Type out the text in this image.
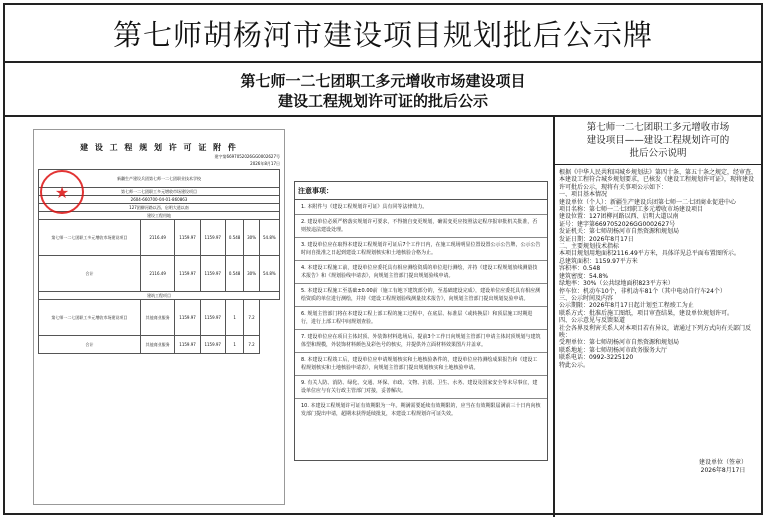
第七师胡杨河市建设项目规划批后公示牌
第七师一二七团职工多元增收市场建设项目
建设工程规划许可证的批后公示
建 设 工 程 规 划 许 可 证 附 件
建字第6697052026GG0002627号
2026年8月17日
★
新疆生产建设兵团第七师一二七团职业技术学校						
第七师一二七团职工多元增收市场建设项目						
2604-660700-04-01-860863						
127团柳河路以西、启明大道以南						
建设工程用地						
第七师一二七团职工多元增收市场建设项目	2116.49	1159.97	1159.97	0.548	30%	54.8%
合计	2116.49	1159.97	1159.97	0.548	30%	54.8%
建筑工程项目						
第七师一二七团职工多元增收市场建设项目	其他商业服务	1159.97	1159.97	1	7.2	
合计	其他商业服务	1159.97	1159.97	1	7.2	
注意事项：
1. 本附件与《建设工程规划许可证》具有同等法律效力。
2. 建设单位必须严格落实规划许可要求，不得擅自变更规划，确需变更应按照法定程序报审批机关批准，否则按违法建设处理。
3. 建设单位应在取得本建设工程规划许可证后7个工作日内，在施工现场明显位置设置公示公告牌，公示公告时间自批准之日起到建设工程规划核实和土地核验合格为止。
4. 本建设工程施工前，建设单位应委托具有相应测绘资质的单位进行测绘，并持《建设工程规划放线测量技术报告》和《规划验线申请表》，向规划主管部门提出规划验线申请。
5. 本建设工程施工至基础±0.00前（施工有地下建筑部分的，至基础建设完成），建设单位应委托具有相应测绘资质的单位进行测绘，并持《建设工程规划验线测量技术报告》，向规划主管部门提出规划复验申请。
6. 规划主管部门将在本建设工程上部工程的施工过程中，在底层、标准层（或转换层）和顶层施工时期进行，进行上部工程中间规划查验。
7. 建设单位应在项目主体封顶、外装饰材料选场后，提前3个工作日向规划主管部门申请主体封顶规划与建筑体型和规模，外装饰材料颜色及彩色号的核实，并提供外立面材料效果图片并盖章。
8. 本建设工程竣工后，建设单位应申请规划核实和土地核验条件的，建设单位应持测绘成果报告和《建设工程规划核实和土地核验申请表》，向规划主管部门提出规划核实和土地核验申请。
9. 有关人防、消防、绿化、交通、环保、市政、文物、抗震、卫生、水务、建设及国家安全等未尽事宜，建设单位应与有关行政主管部门对接，妥善解决。
10. 本建设工程规划许可证有效期限为一年。期满需要延续有效期限的，应当在有效期限届满前三十日内向核发部门提出申请，超期未获得延续批复，本建设工程规划许可证失效。
第七师一二七团职工多元增收市场
建设项目——建设工程规划许可的
批后公示说明

根据《中华人民共和国城乡规划法》第四十条、第五十条之规定，经审查，本建设工程符合城乡规划要求，已核发《建设工程规划许可证》，现将建设许可批后公示，现将有关事项公示如下：

一、项目基本情况

建设单位（个人）：新疆生产建设兵团第七师一二七团商业促进中心

项目名称：第七师一二七团职工多元增收市场建设项目

建设位置：127团柳河路以西、启明大道以南

证号：建字第6697052026GG0002627号

发证机关：第七师胡杨河市自然资源和规划局

发证日期：2026年8月17日

二、主要规划技术指标

本项目规划用地面积2116.49平方米，具体详见总平面布置图所示。

总建筑面积：1159.97平方米

容积率：0.548

建筑密度：54.8%

绿地率：30%（公共绿地面积823平方米）

停车位：机动车10个，非机动车81个（其中电动自行车24个）

三、公示时间及内容

公示期限：2026年8月17日起计划至工程竣工为止

联系方式：批准后施工图纸，项目审查结果，建设单位规划许可。

四、公示意见与反馈渠道

社会各界及利害关系人对本项目若有异议，请通过下列方式向有关部门反映：

受理单位：第七师胡杨河市自然资源和规划局

联系地址：第七师胡杨河市政务服务大厅

联系电话：0992-3225120

特此公示。

建设单位（签章）
2026年8月17日
